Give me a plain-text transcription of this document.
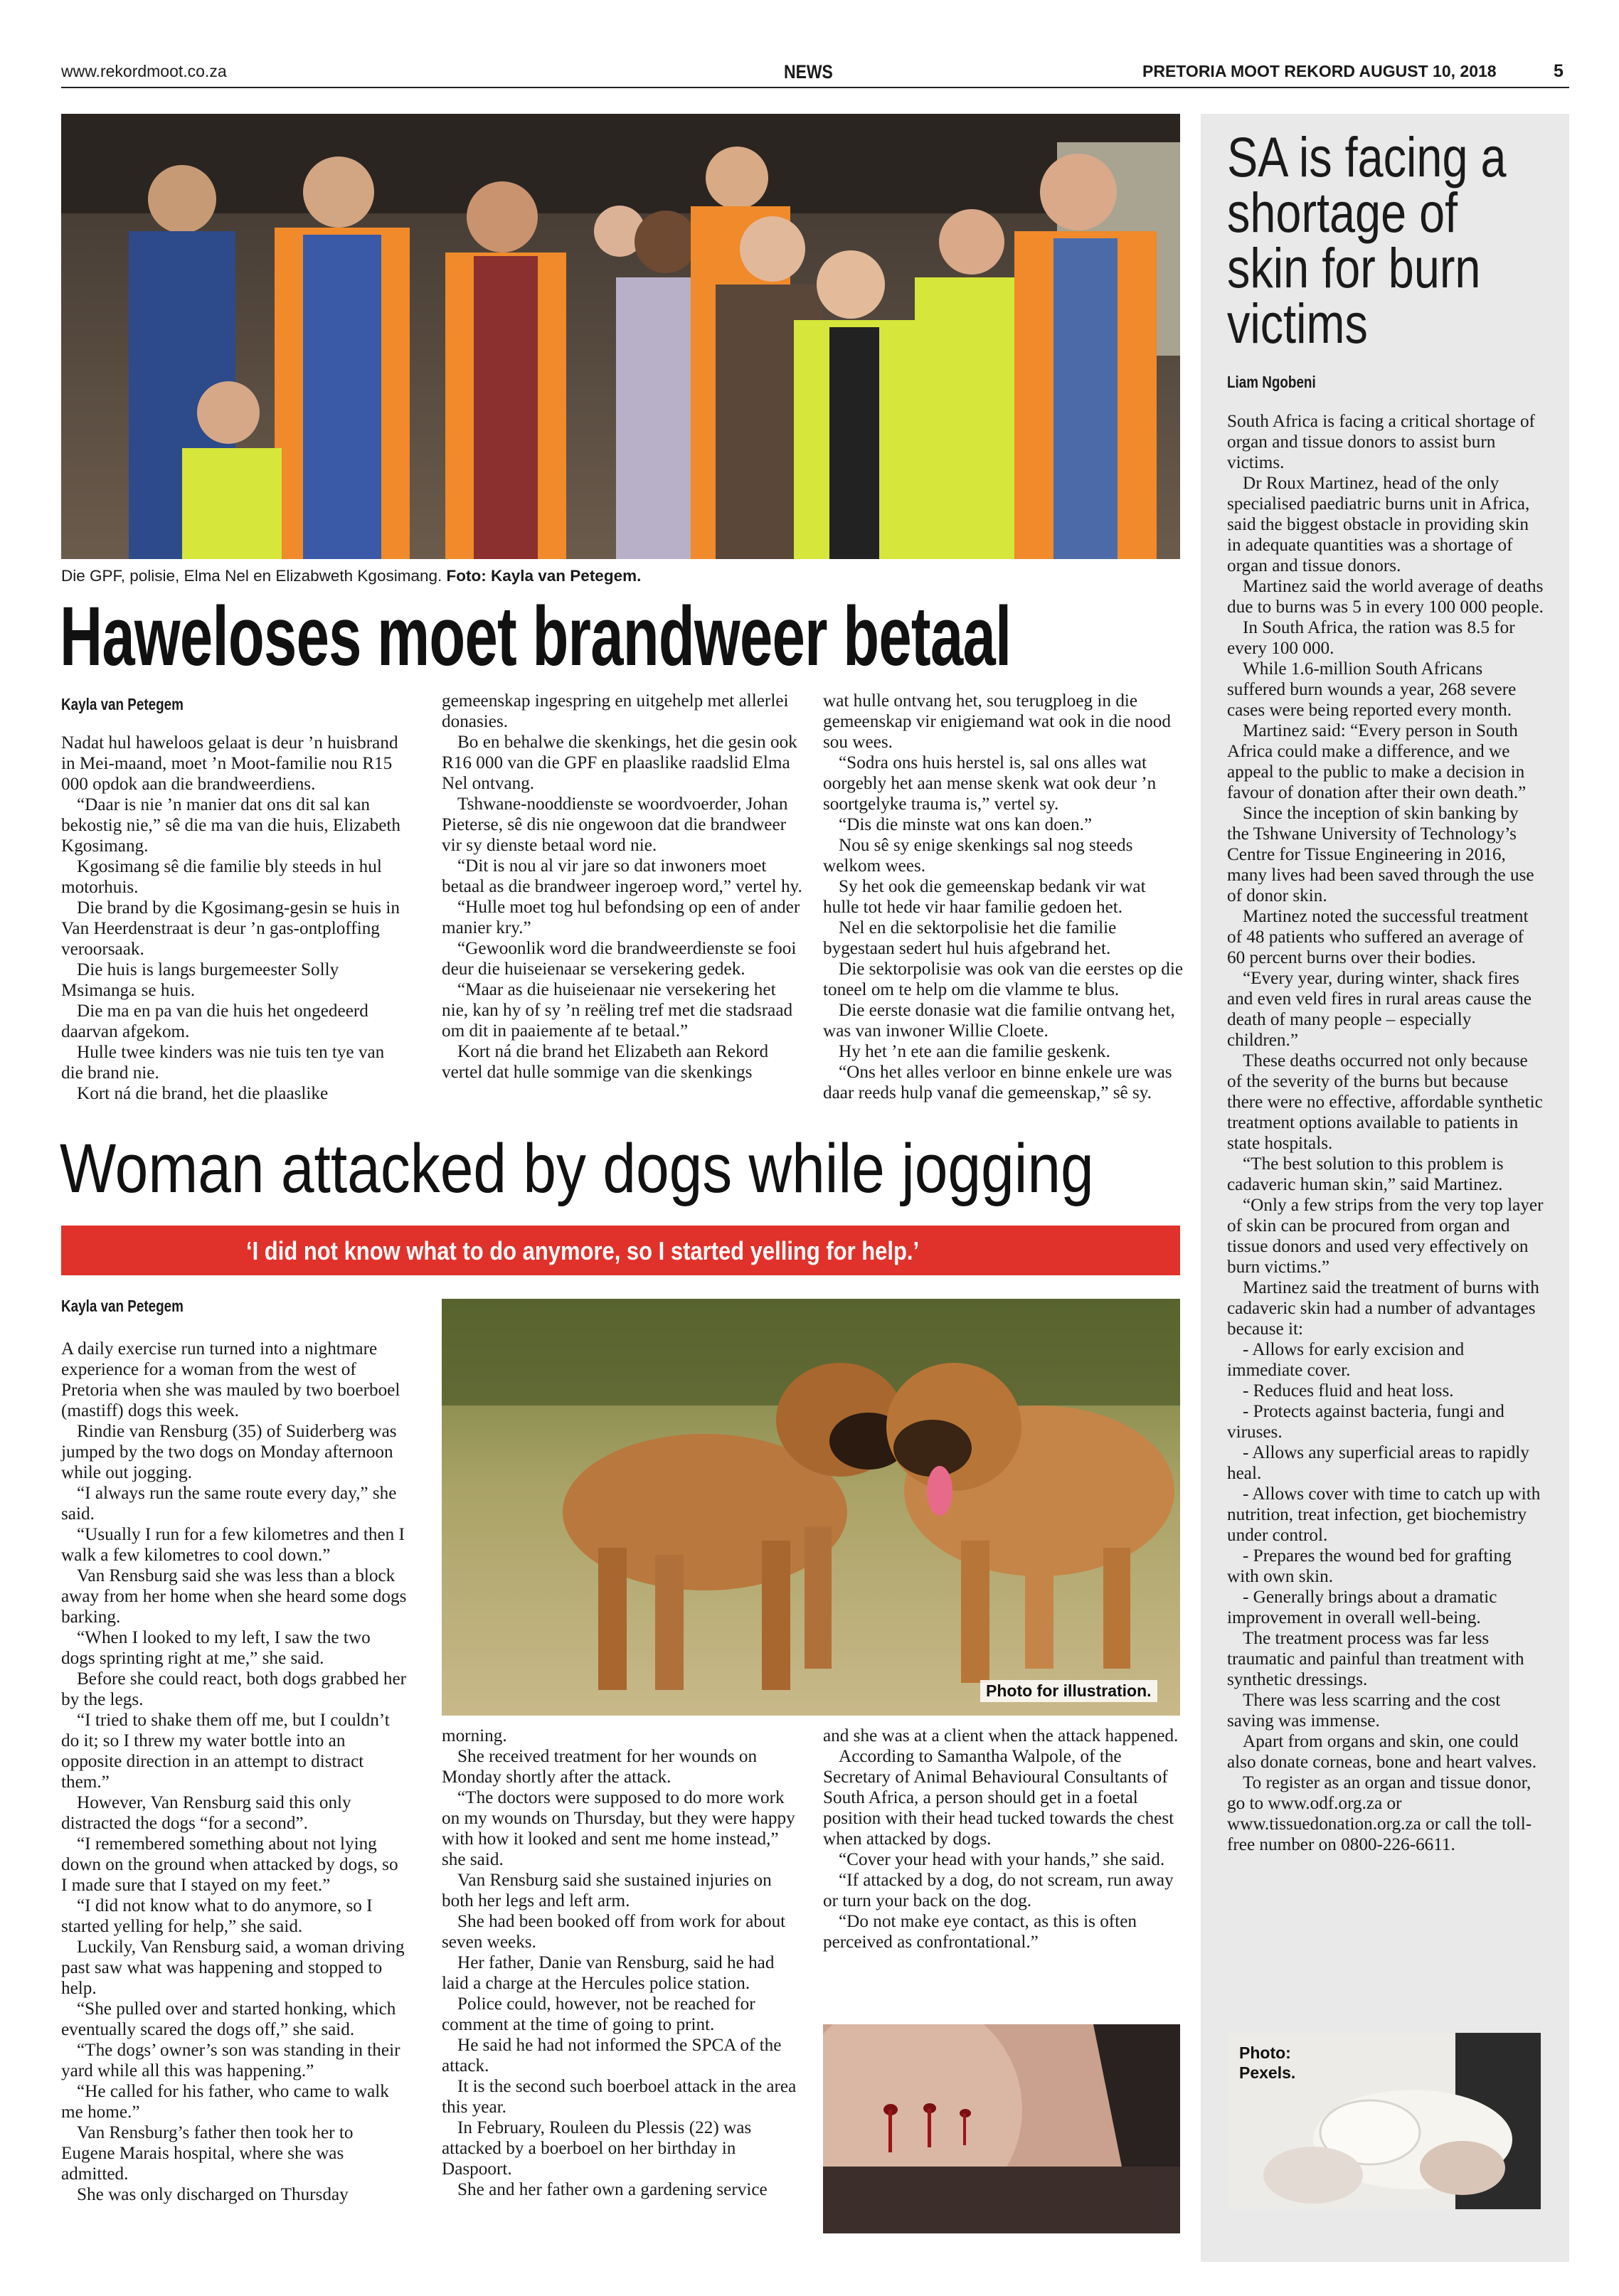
www.rekordmoot.co.za	NEWS	PRETORIA MOOT REKORD AUGUST 10, 2018	5
Die GPF, polisie, Elma Nel en Elizabweth Kgosimang. Foto: Kayla van Petegem.
Haweloses moet brandweer betaal
Kayla van Petegem

Nadat hul haweloos gelaat is deur ’n huisbrand in Mei-maand, moet ’n Moot-familie nou R15 000 opdok aan die brandweerdiens.

“Daar is nie ’n manier dat ons dit sal kan bekostig nie,” sê die ma van die huis, Elizabeth Kgosimang.

Kgosimang sê die familie bly steeds in hul motorhuis.

Die brand by die Kgosimang-gesin se huis in Van Heerdenstraat is deur ’n gas-ontploffing veroorsaak.

Die huis is langs burgemeester Solly Msimanga se huis.

Die ma en pa van die huis het ongedeerd daarvan afgekom.

Hulle twee kinders was nie tuis ten tye van die brand nie.

Kort ná die brand, het die plaaslike

gemeenskap ingespring en uitgehelp met allerlei donasies.

Bo en behalwe die skenkings, het die gesin ook R16 000 van die GPF en plaaslike raadslid Elma Nel ontvang.

Tshwane-nooddienste se woordvoerder, Johan Pieterse, sê dis nie ongewoon dat die brandweer vir sy dienste betaal word nie.

“Dit is nou al vir jare so dat inwoners moet betaal as die brandweer ingeroep word,” vertel hy.

“Hulle moet tog hul befondsing op een of ander manier kry.”

“Gewoonlik word die brandweerdienste se fooi deur die huiseienaar se versekering gedek.

“Maar as die huiseienaar nie versekering het nie, kan hy of sy ’n reëling tref met die stadsraad om dit in paaiemente af te betaal.”

Kort ná die brand het Elizabeth aan Rekord vertel dat hulle sommige van die skenkings

wat hulle ontvang het, sou terugploeg in die gemeenskap vir enigiemand wat ook in die nood sou wees.

“Sodra ons huis herstel is, sal ons alles wat oorgebly het aan mense skenk wat ook deur ’n soortgelyke trauma is,” vertel sy.

“Dis die minste wat ons kan doen.”

Nou sê sy enige skenkings sal nog steeds welkom wees.

Sy het ook die gemeenskap bedank vir wat hulle tot hede vir haar familie gedoen het.

Nel en die sektorpolisie het die familie bygestaan sedert hul huis afgebrand het.

Die sektorpolisie was ook van die eerstes op die toneel om te help om die vlamme te blus.

Die eerste donasie wat die familie ontvang het, was van inwoner Willie Cloete.

Hy het ’n ete aan die familie geskenk.

“Ons het alles verloor en binne enkele ure was daar reeds hulp vanaf die gemeenskap,” sê sy.

Woman attacked by dogs while jogging
‘I did not know what to do anymore, so I started yelling for help.’
Kayla van Petegem

A daily exercise run turned into a nightmare experience for a woman from the west of Pretoria when she was mauled by two boerboel (mastiff) dogs this week.

Rindie van Rensburg (35) of Suiderberg was jumped by the two dogs on Monday afternoon while out jogging.

“I always run the same route every day,” she said.

“Usually I run for a few kilometres and then I walk a few kilometres to cool down.”

Van Rensburg said she was less than a block away from her home when she heard some dogs barking.

“When I looked to my left, I saw the two dogs sprinting right at me,” she said.

Before she could react, both dogs grabbed her by the legs.

“I tried to shake them off me, but I couldn’t do it; so I threw my water bottle into an opposite direction in an attempt to distract them.”

However, Van Rensburg said this only distracted the dogs “for a second”.

“I remembered something about not lying down on the ground when attacked by dogs, so I made sure that I stayed on my feet.”

“I did not know what to do anymore, so I started yelling for help,” she said.

Luckily, Van Rensburg said, a woman driving past saw what was happening and stopped to help.

“She pulled over and started honking, which eventually scared the dogs off,” she said.

“The dogs’ owner’s son was standing in their yard while all this was happening.”

“He called for his father, who came to walk me home.”

Van Rensburg’s father then took her to Eugene Marais hospital, where she was admitted.

She was only discharged on Thursday

Photo for illustration.

morning.

She received treatment for her wounds on Monday shortly after the attack.

“The doctors were supposed to do more work on my wounds on Thursday, but they were happy with how it looked and sent me home instead,” she said.

Van Rensburg said she sustained injuries on both her legs and left arm.

She had been booked off from work for about seven weeks.

Her father, Danie van Rensburg, said he had laid a charge at the Hercules police station.

Police could, however, not be reached for comment at the time of going to print.

He said he had not informed the SPCA of the attack.

It is the second such boerboel attack in the area this year.

In February, Rouleen du Plessis (22) was attacked by a boerboel on her birthday in Daspoort.

She and her father own a gardening service

and she was at a client when the attack happened.

According to Samantha Walpole, of the Secretary of Animal Behavioural Consultants of South Africa, a person should get in a foetal position with their head tucked towards the chest when attacked by dogs.

“Cover your head with your hands,” she said.

“If attacked by a dog, do not scream, run away or turn your back on the dog.

“Do not make eye contact, as this is often perceived as confrontational.”

SA is facing a shortage of skin for burn victims
Liam Ngobeni

South Africa is facing a critical shortage of organ and tissue donors to assist burn victims.

Dr Roux Martinez, head of the only specialised paediatric burns unit in Africa, said the biggest obstacle in providing skin in adequate quantities was a shortage of organ and tissue donors.

Martinez said the world average of deaths due to burns was 5 in every 100 000 people.

In South Africa, the ration was 8.5 for every 100 000.

While 1.6-million South Africans suffered burn wounds a year, 268 severe cases were being reported every month.

Martinez said: “Every person in South Africa could make a difference, and we appeal to the public to make a decision in favour of donation after their own death.”

Since the inception of skin banking by the Tshwane University of Technology’s Centre for Tissue Engineering in 2016, many lives had been saved through the use of donor skin.

Martinez noted the successful treatment of 48 patients who suffered an average of 60 percent burns over their bodies.

“Every year, during winter, shack fires and even veld fires in rural areas cause the death of many people – especially children.”

These deaths occurred not only because of the severity of the burns but because there were no effective, affordable synthetic treatment options available to patients in state hospitals.

“The best solution to this problem is cadaveric human skin,” said Martinez.

“Only a few strips from the very top layer of skin can be procured from organ and tissue donors and used very effectively on burn victims.”

Martinez said the treatment of burns with cadaveric skin had a number of advantages because it:

- Allows for early excision and immediate cover.

- Reduces fluid and heat loss.

- Protects against bacteria, fungi and viruses.

- Allows any superficial areas to rapidly heal.

- Allows cover with time to catch up with nutrition, treat infection, get biochemistry under control.

- Prepares the wound bed for grafting with own skin.

- Generally brings about a dramatic improvement in overall well-being.

The treatment process was far less traumatic and painful than treatment with synthetic dressings.

There was less scarring and the cost saving was immense.

Apart from organs and skin, one could also donate corneas, bone and heart valves.

To register as an organ and tissue donor, go to www.odf.org.za or www.tissuedonation.org.za or call the toll-free number on 0800-226-6611.

Photo:
Pexels.
